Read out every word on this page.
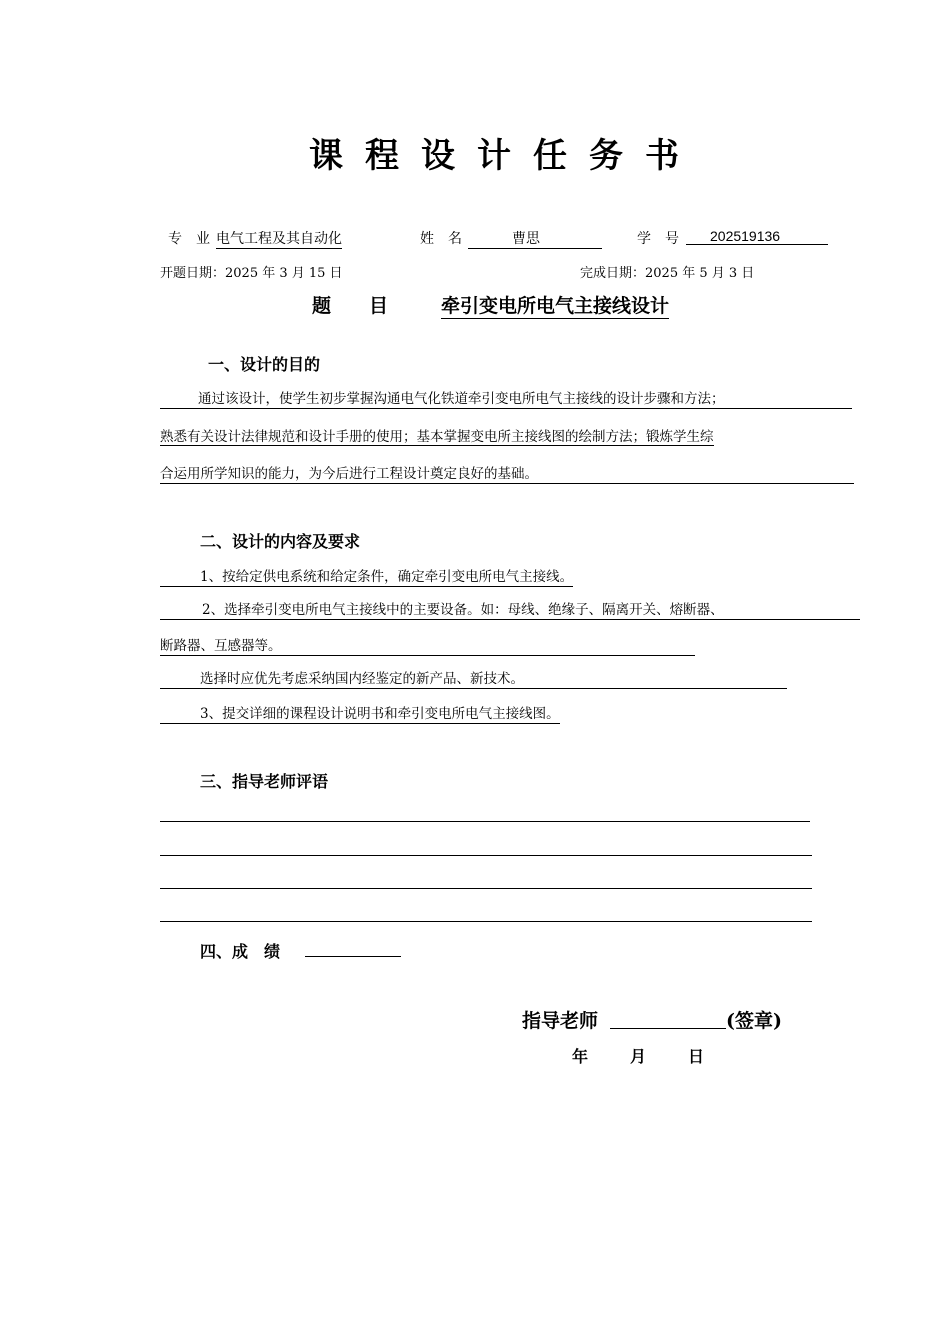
课程设计任务书
专　业 电气工程及其自动化	姓　名	曹思	学　号	202519136
开题日期：2025 年 3 月 15 日	完成日期：2025 年 5 月 3 日
题　　目	牵引变电所电气主接线设计
一、设计的目的
通过该设计，使学生初步掌握沟通电气化铁道牵引变电所电气主接线的设计步骤和方法；
熟悉有关设计法律规范和设计手册的使用；基本掌握变电所主接线图的绘制方法；锻炼学生综
合运用所学知识的能力，为今后进行工程设计奠定良好的基础。
二、设计的内容及要求
1、按给定供电系统和给定条件，确定牵引变电所电气主接线。
2、选择牵引变电所电气主接线中的主要设备。如：母线、绝缘子、隔离开关、熔断器、
断路器、互感器等。
选择时应优先考虑采纳国内经鉴定的新产品、新技术。
3、提交详细的课程设计说明书和牵引变电所电气主接线图。
三、指导老师评语
四、成　绩
指导老师	(签章)
年	月	日
